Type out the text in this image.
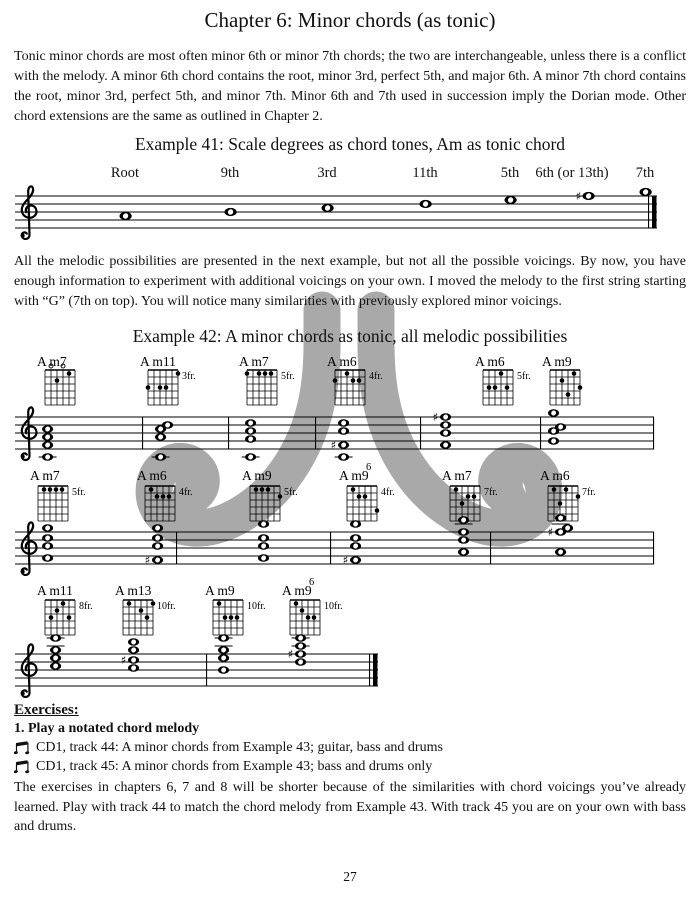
Root	9th	3rd	11th	5th 6th (or 13th)
♯
7th
A m7	A m11
3fr.
A m7
5fr.
A m6
4fr.
♯
A m6
5fr.
♯
A m9
A m7
5fr.
A m6
4fr.
♯
A m9
5fr.
A m9
6
4fr.
♯
A m7
7fr.
A m6
7fr.
♯
A m11
8fr.
A m13
10fr.
♯
A m9
10fr.
A m9
6
10fr.
♯
Chapter 6: Minor chords (as tonic)
Tonic minor chords are most often minor 6th or minor 7th chords; the two are interchangeable, unless there is a conflict with the melody. A minor 6th chord contains the root, minor 3rd, perfect 5th, and major 6th. A minor 7th chord contains the root, minor 3rd, perfect 5th, and minor 7th. Minor 6th and 7th used in succession imply the Dorian mode. Other chord extensions are the same as outlined in Chapter 2.
Example 41: Scale degrees as chord tones, Am as tonic chord
All the melodic possibilities are presented in the next example, but not all the possible voicings. By now, you have enough information to experiment with additional voicings on your own. I moved the melody to the first string starting with “G” (7th on top). You will notice many similarities with previously explored minor voicings.
Example 42: A minor chords as tonic, all melodic possibilities
Exercises:
1. Play a notated chord melody
CD1, track 44: A minor chords from Example 43; guitar, bass and drums
CD1, track 45: A minor chords from Example 43; bass and drums only
The exercises in chapters 6, 7 and 8 will be shorter because of the similarities with chord voicings you’ve already learned. Play with track 44 to match the chord melody from Example 43. With track 45 you are on your own with bass and drums.
27
